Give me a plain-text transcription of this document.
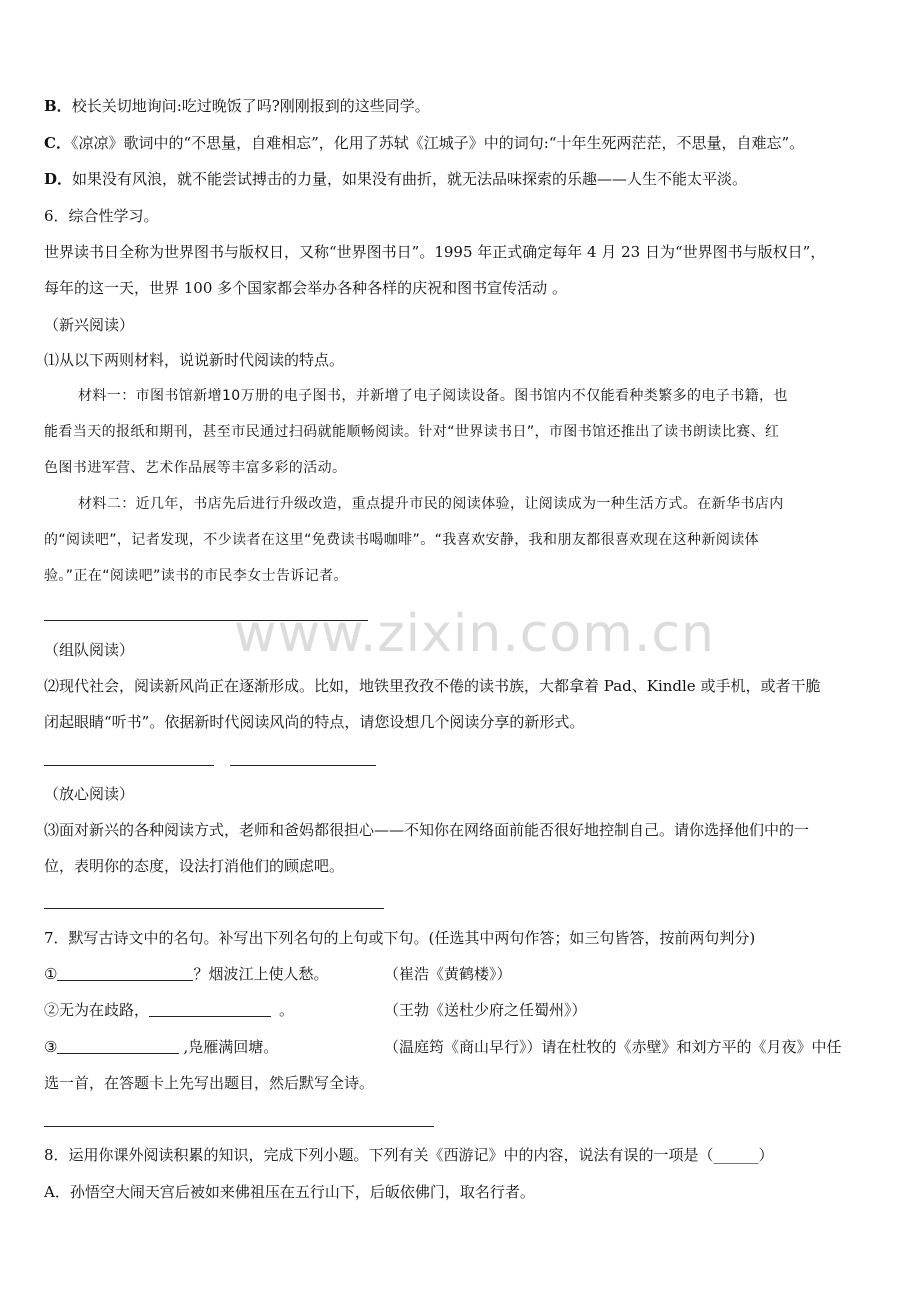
www.zixin.com.cn
B．校长关切地询问:吃过晚饭了吗?刚刚报到的这些同学。
C．《凉凉》歌词中的“不思量，自难相忘”，化用了苏轼《江城子》中的词句:“十年生死两茫茫，不思量，自难忘”。
D．如果没有风浪，就不能尝试搏击的力量，如果没有曲折，就无法品味探索的乐趣——人生不能太平淡。
6．综合性学习。
世界读书日全称为世界图书与版权日，又称“世界图书日”。1995 年正式确定每年 4 月 23 日为“世界图书与版权日”，
每年的这一天，世界 100 多个国家都会举办各种各样的庆祝和图书宣传活动 。
（新兴阅读）
⑴从以下两则材料，说说新时代阅读的特点。
材料一：市图书馆新增10万册的电子图书，并新增了电子阅读设备。图书馆内不仅能看种类繁多的电子书籍，也
能看当天的报纸和期刊，甚至市民通过扫码就能顺畅阅读。针对“世界读书日”，市图书馆还推出了读书朗读比赛、红
色图书进军营、艺术作品展等丰富多彩的活动。
材料二：近几年，书店先后进行升级改造，重点提升市民的阅读体验，让阅读成为一种生活方式。在新华书店内
的“阅读吧”，记者发现，不少读者在这里“免费读书喝咖啡”。“我喜欢安静，我和朋友都很喜欢现在这种新阅读体
验。”正在“阅读吧”读书的市民李女士告诉记者。
（组队阅读）
⑵现代社会，阅读新风尚正在逐渐形成。比如，地铁里孜孜不倦的读书族，大都拿着 Pad、Kindle 或手机，或者干脆
闭起眼睛“听书”。依据新时代阅读风尚的特点，请您设想几个阅读分享的新形式。
（放心阅读）
⑶面对新兴的各种阅读方式，老师和爸妈都很担心——不知你在网络面前能否很好地控制自己。请你选择他们中的一
位，表明你的态度，设法打消他们的顾虑吧。
7．默写古诗文中的名句。补写出下列名句的上句或下句。(任选其中两句作答；如三句皆答，按前两句判分)
①	？烟波江上使人愁。	（崔浩《黄鹤楼》）
②无为在歧路，	。	（王勃《送杜少府之任蜀州》）
③	,凫雁满回塘。	（温庭筠《商山早行》）请在杜牧的《赤壁》和刘方平的《月夜》中任
选一首，在答题卡上先写出题目，然后默写全诗。
8．运用你课外阅读积累的知识，完成下列小题。下列有关《西游记》中的内容，说法有误的一项是（______）
A．孙悟空大闹天宫后被如来佛祖压在五行山下，后皈依佛门，取名行者。
